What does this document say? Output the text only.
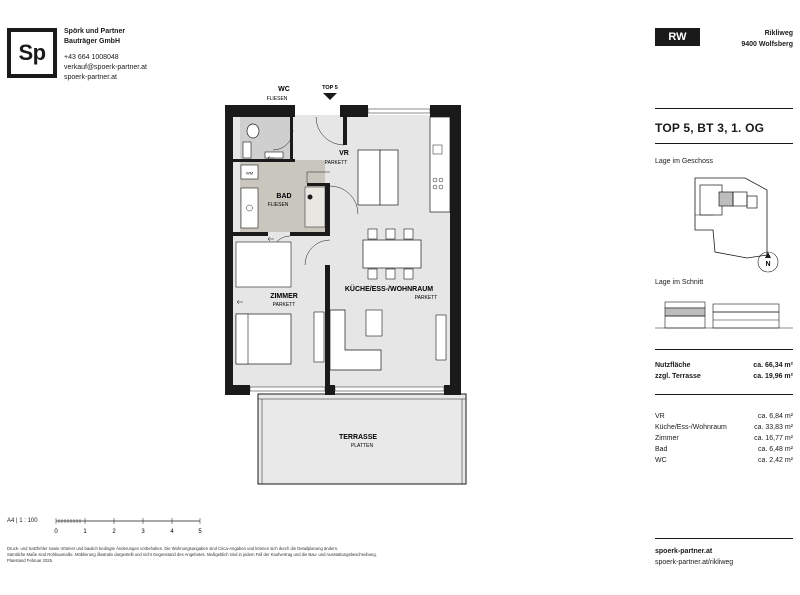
Sp
Spörk und Partner
Bauträger GmbH
+43 664 1008048
verkauf@spoerk-partner.at
spoerk-partner.at
RW	Rikliweg
9400 Wolfsberg
TOP 5, BT 3, 1. OG
Lage im Geschoss
N
Lage im Schnitt
Nutzfläche	ca. 66,34 m²
zzgl. Terrasse	ca. 19,96 m²
VR	ca. 6,84 m²
Küche/Ess-/Wohnraum	ca. 33,83 m²
Zimmer	ca. 16,77 m²
Bad	ca. 6,48 m²
WC	ca. 2,42 m²
spoerk-partner.at
spoerk-partner.at/rikliweg
WM
TOP 5
WC
FLIESEN
VR
PARKETT
BAD
FLIESEN
ZIMMER
PARKETT
KÜCHE/ESS-/WOHNRAUM
PARKETT
TERRASSE
PLATTEN
A4 | 1 : 100
0	1	2	3	4	5
Druck- und Satzfehler sowie Irrtümer und baulich bedingte Änderungen vorbehalten. Die Wohnungsangaben sind Circa-Angaben und können sich durch die Detailplanung ändern.
Sämtliche Maße sind Rohbaumaße. Möblierung illustrativ dargestellt und nicht Gegenstand des Angebotes. Maßgeblich sind in jedem Fall der Kaufvertrag und die Bau- und Ausstattungsbeschreibung.
Planstand Februar 2025.
